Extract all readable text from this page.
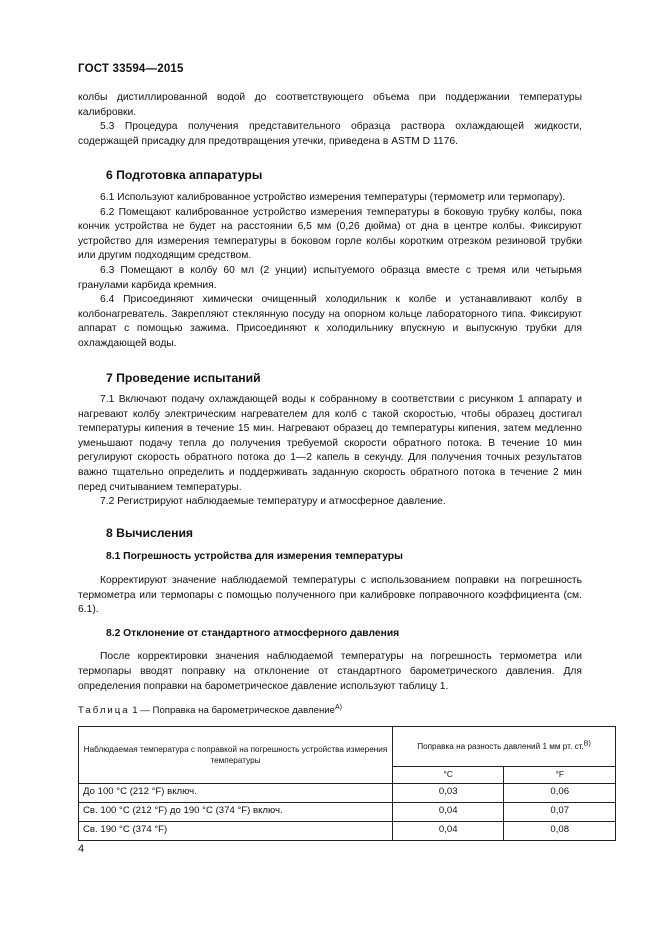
ГОСТ 33594—2015

колбы дистиллированной водой до соответствующего объема при поддержании температуры калибровки.

5.3 Процедура получения представительного образца раствора охлаждающей жидкости, содержащей присадку для предотвращения утечки, приведена в ASTM D 1176.

6 Подготовка аппаратуры

6.1 Используют калиброванное устройство измерения температуры (термометр или термопару).

6.2 Помещают калиброванное устройство измерения температуры в боковую трубку колбы, пока кончик устройства не будет на расстоянии 6,5 мм (0,26 дюйма) от дна в центре колбы. Фиксируют устройство для измерения температуры в боковом горле колбы коротким отрезком резиновой трубки или другим подходящим средством.

6.3 Помещают в колбу 60 мл (2 унции) испытуемого образца вместе с тремя или четырьмя гранулами карбида кремния.

6.4 Присоединяют химически очищенный холодильник к колбе и устанавливают колбу в колбонагреватель. Закрепляют стеклянную посуду на опорном кольце лабораторного типа. Фиксируют аппарат с помощью зажима. Присоединяют к холодильнику впускную и выпускную трубки для охлаждающей воды.

7 Проведение испытаний

7.1 Включают подачу охлаждающей воды к собранному в соответствии с рисунком 1 аппарату и нагревают колбу электрическим нагревателем для колб с такой скоростью, чтобы образец достигал температуры кипения в течение 15 мин. Нагревают образец до температуры кипения, затем медленно уменьшают подачу тепла до получения требуемой скорости обратного потока. В течение 10 мин регулируют скорость обратного потока до 1—2 капель в секунду. Для получения точных результатов важно тщательно определить и поддерживать заданную скорость обратного потока в течение 2 мин перед считыванием температуры.

7.2 Регистрируют наблюдаемые температуру и атмосферное давление.

8 Вычисления

8.1 Погрешность устройства для измерения температуры

Корректируют значение наблюдаемой температуры с использованием поправки на погрешность термометра или термопары с помощью полученного при калибровке поправочного коэффициента (см. 6.1).

8.2 Отклонение от стандартного атмосферного давления

После корректировки значения наблюдаемой температуры на погрешность термометра или термопары вводят поправку на отклонение от стандартного барометрического давления. Для определения поправки на барометрическое давление используют таблицу 1.

Таблица 1 — Поправка на барометрическое давление$^{A)}$

Наблюдаемая температура с поправкой на погрешность устройства измерения температуры	Поправка на разность давлений 1 мм рт. ст.$^{B)}$
	°С	°F
До 100 °С (212 °F) включ.	0,03	0,06
Св. 100 °С (212 °F) до 190 °С (374 °F) включ.	0,04	0,07
Св. 190 °С (374 °F)	0,04	0,08
4
